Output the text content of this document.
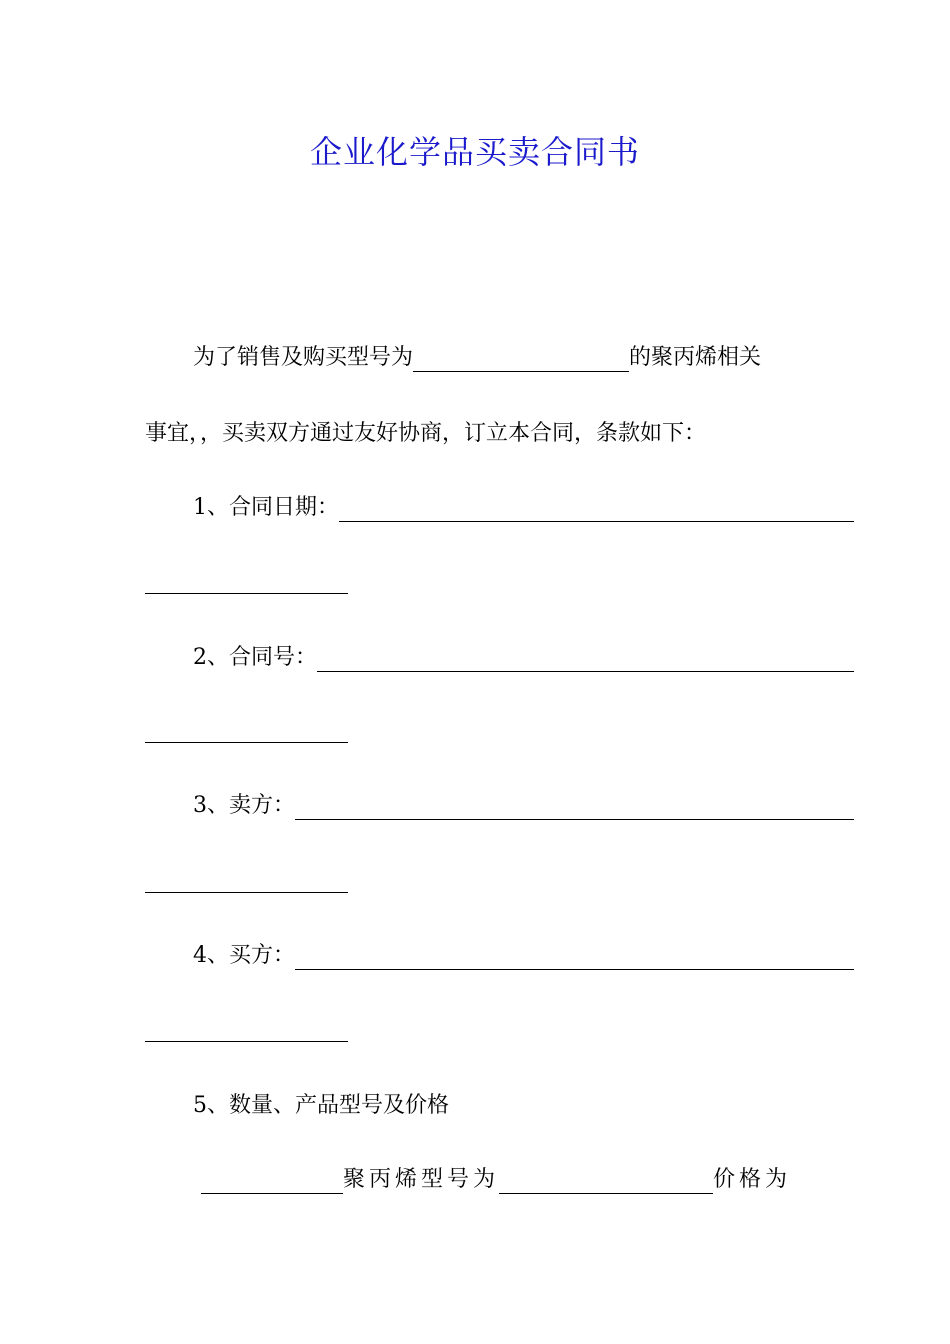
企业化学品买卖合同书
为了销售及购买型号为	的聚丙烯相关
事宜，，买卖双方通过友好协商，订立本合同，条款如下：
1、合同日期：
2、合同号：
3、卖方：
4、买方：
5、数量、产品型号及价格
聚丙烯型号为	价格为
